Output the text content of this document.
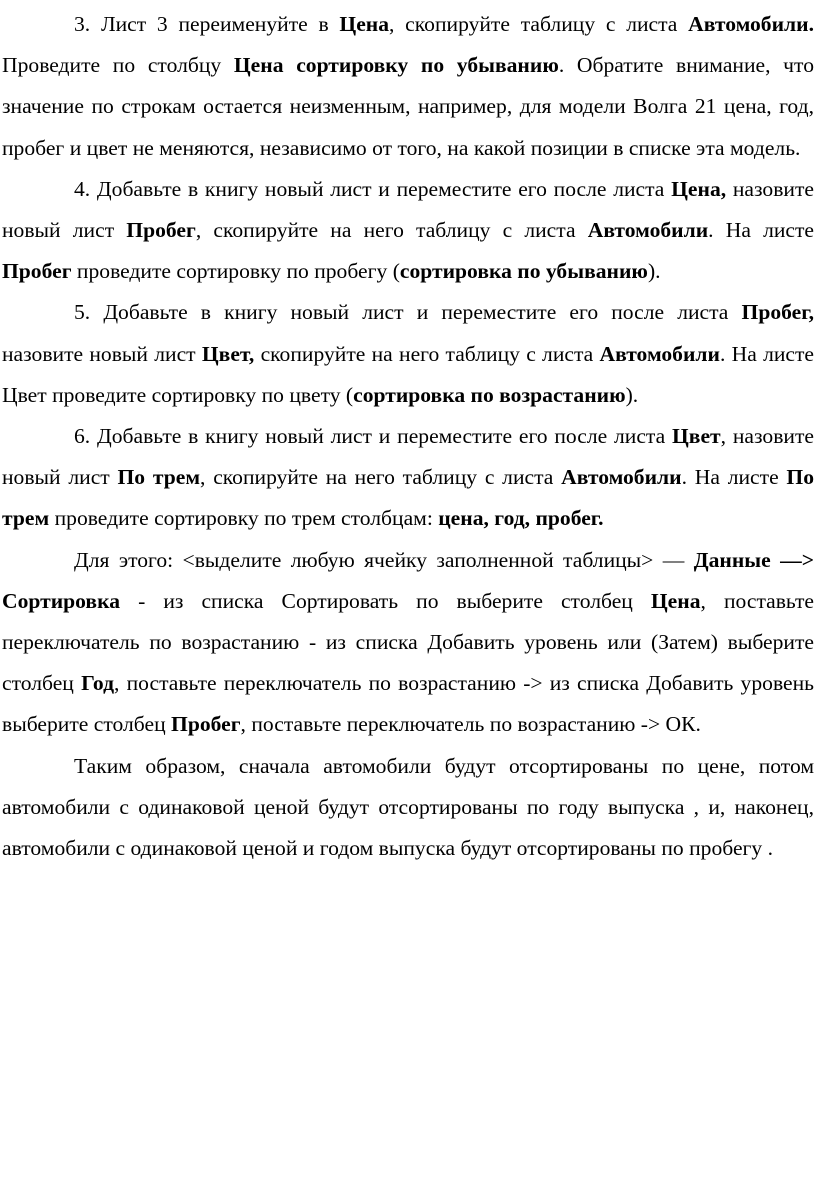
3. Лист 3 переименуйте в Цена, скопируйте таблицу с листа Автомобили. Проведите по столбцу Цена сортировку по убыванию. Обратите внимание, что значение по строкам остается неизменным, например, для модели Волга 21 цена, год, пробег и цвет не меняются, независимо от того, на какой позиции в списке эта модель.

4. Добавьте в книгу новый лист и переместите его после листа Цена, назовите новый лист Пробег, скопируйте на него таблицу с листа Автомобили. На листе Пробег проведите сортировку по пробегу (сортировка по убыванию).

5. Добавьте в книгу новый лист и переместите его после листа Пробег, назовите новый лист Цвет, скопируйте на него таблицу с листа Автомобили. На листе Цвет проведите сортировку по цвету (сортировка по возрастанию).

6. Добавьте в книгу новый лист и переместите его после листа Цвет, назовите новый лист По трем, скопируйте на него таблицу с листа Автомобили. На листе По трем проведите сортировку по трем столбцам: цена, год, пробег.

Для этого: <выделите любую ячейку заполненной таблицы> — Данные —> Сортировка - из списка Сортировать по выберите столбец Цена, поставьте переключатель по возрастанию - из списка Добавить уровень или (Затем) выберите столбец Год, поставьте переключатель по возрастанию -> из списка Добавить уровень выберите столбец Пробег, поставьте переключатель по возрастанию -> ОК.

Таким образом, сначала автомобили будут отсортированы по цене, потом автомобили с одинаковой ценой будут отсортированы по году выпуска , и, наконец, автомобили с одинаковой ценой и годом выпуска будут отсортированы по пробегу .
